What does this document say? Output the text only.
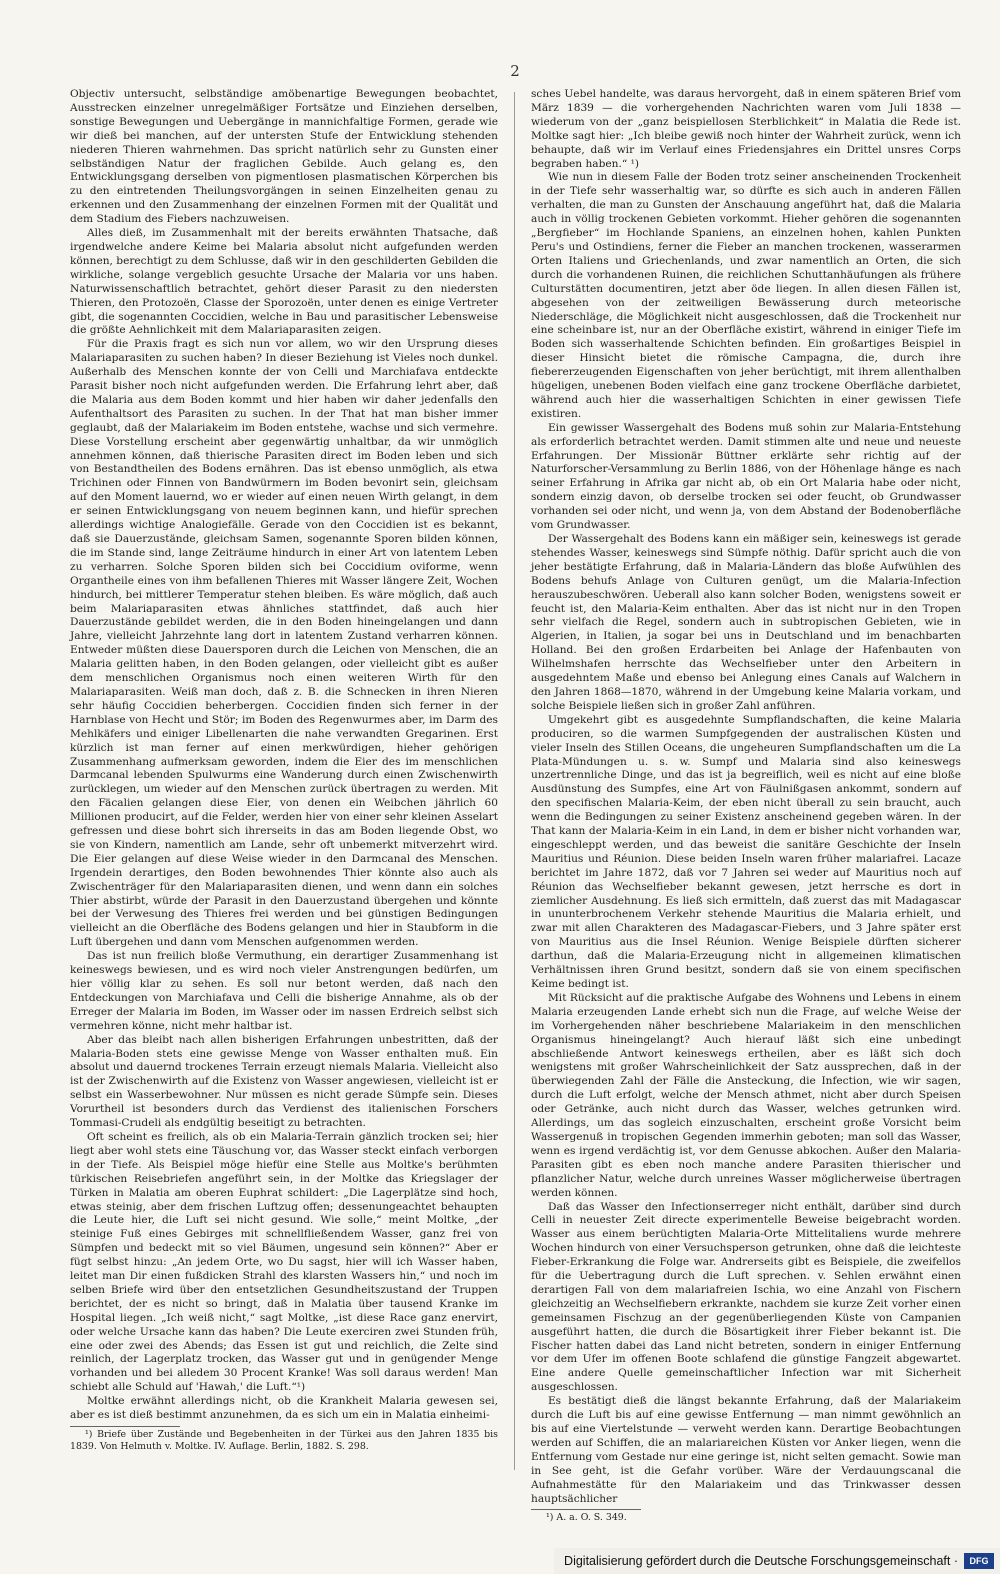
2

Objectiv untersucht, selbständige amöbenartige Bewegungen beobachtet, Ausstrecken einzelner unregelmäßiger Fortsätze und Einziehen derselben, sonstige Bewegungen und Uebergänge in mannichfaltige Formen, gerade wie wir dieß bei manchen, auf der untersten Stufe der Entwicklung stehenden niederen Thieren wahrnehmen. Das spricht natürlich sehr zu Gunsten einer selbständigen Natur der fraglichen Gebilde. Auch gelang es, den Entwicklungsgang derselben von pigmentlosen plasmatischen Körperchen bis zu den eintretenden Theilungsvorgängen in seinen Einzelheiten genau zu erkennen und den Zusammenhang der einzelnen Formen mit der Qualität und dem Stadium des Fiebers nachzuweisen.

Alles dieß, im Zusammenhalt mit der bereits erwähnten Thatsache, daß irgendwelche andere Keime bei Malaria absolut nicht aufgefunden werden können, berechtigt zu dem Schlusse, daß wir in den geschilderten Gebilden die wirkliche, solange vergeblich gesuchte Ursache der Malaria vor uns haben. Naturwissenschaftlich betrachtet, gehört dieser Parasit zu den niedersten Thieren, den Protozoën, Classe der Sporozoën, unter denen es einige Vertreter gibt, die sogenannten Coccidien, welche in Bau und parasitischer Lebensweise die größte Aehnlichkeit mit dem Malariaparasiten zeigen.

Für die Praxis fragt es sich nun vor allem, wo wir den Ursprung dieses Malariaparasiten zu suchen haben? In dieser Beziehung ist Vieles noch dunkel. Außerhalb des Menschen konnte der von Celli und Marchiafava entdeckte Parasit bisher noch nicht aufgefunden werden. Die Erfahrung lehrt aber, daß die Malaria aus dem Boden kommt und hier haben wir daher jedenfalls den Aufenthaltsort des Parasiten zu suchen. In der That hat man bisher immer geglaubt, daß der Malariakeim im Boden entstehe, wachse und sich vermehre. Diese Vorstellung erscheint aber gegenwärtig unhaltbar, da wir unmöglich annehmen können, daß thierische Parasiten direct im Boden leben und sich von Bestandtheilen des Bodens ernähren. Das ist ebenso unmöglich, als etwa Trichinen oder Finnen von Bandwürmern im Boden bevonirt sein, gleichsam auf den Moment lauernd, wo er wieder auf einen neuen Wirth gelangt, in dem er seinen Entwicklungsgang von neuem beginnen kann, und hiefür sprechen allerdings wichtige Analogiefälle. Gerade von den Coccidien ist es bekannt, daß sie Dauerzustände, gleichsam Samen, sogenannte Sporen bilden können, die im Stande sind, lange Zeiträume hindurch in einer Art von latentem Leben zu verharren. Solche Sporen bilden sich bei Coccidium oviforme, wenn Organtheile eines von ihm befallenen Thieres mit Wasser längere Zeit, Wochen hindurch, bei mittlerer Temperatur stehen bleiben. Es wäre möglich, daß auch beim Malariaparasiten etwas ähnliches stattfindet, daß auch hier Dauerzustände gebildet werden, die in den Boden hineingelangen und dann Jahre, vielleicht Jahrzehnte lang dort in latentem Zustand verharren können. Entweder müßten diese Dauersporen durch die Leichen von Menschen, die an Malaria gelitten haben, in den Boden gelangen, oder vielleicht gibt es außer dem menschlichen Organismus noch einen weiteren Wirth für den Malariaparasiten. Weiß man doch, daß z. B. die Schnecken in ihren Nieren sehr häufig Coccidien beherbergen. Coccidien finden sich ferner in der Harnblase von Hecht und Stör; im Boden des Regenwurmes aber, im Darm des Mehlkäfers und einiger Libellenarten die nahe verwandten Gregarinen. Erst kürzlich ist man ferner auf einen merkwürdigen, hieher gehörigen Zusammenhang aufmerksam geworden, indem die Eier des im menschlichen Darmcanal lebenden Spulwurms eine Wanderung durch einen Zwischenwirth zurücklegen, um wieder auf den Menschen zurück übertragen zu werden. Mit den Fäcalien gelangen diese Eier, von denen ein Weibchen jährlich 60 Millionen producirt, auf die Felder, werden hier von einer sehr kleinen Asselart gefressen und diese bohrt sich ihrerseits in das am Boden liegende Obst, wo sie von Kindern, namentlich am Lande, sehr oft unbemerkt mitverzehrt wird. Die Eier gelangen auf diese Weise wieder in den Darmcanal des Menschen. Irgendein derartiges, den Boden bewohnendes Thier könnte also auch als Zwischenträger für den Malariaparasiten dienen, und wenn dann ein solches Thier abstirbt, würde der Parasit in den Dauerzustand übergehen und könnte bei der Verwesung des Thieres frei werden und bei günstigen Bedingungen vielleicht an die Oberfläche des Bodens gelangen und hier in Staubform in die Luft übergehen und dann vom Menschen aufgenommen werden.

Das ist nun freilich bloße Vermuthung, ein derartiger Zusammenhang ist keineswegs bewiesen, und es wird noch vieler Anstrengungen bedürfen, um hier völlig klar zu sehen. Es soll nur betont werden, daß nach den Entdeckungen von Marchiafava und Celli die bisherige Annahme, als ob der Erreger der Malaria im Boden, im Wasser oder im nassen Erdreich selbst sich vermehren könne, nicht mehr haltbar ist.

Aber das bleibt nach allen bisherigen Erfahrungen unbestritten, daß der Malaria-Boden stets eine gewisse Menge von Wasser enthalten muß. Ein absolut und dauernd trockenes Terrain erzeugt niemals Malaria. Vielleicht also ist der Zwischenwirth auf die Existenz von Wasser angewiesen, vielleicht ist er selbst ein Wasserbewohner. Nur müssen es nicht gerade Sümpfe sein. Dieses Vorurtheil ist besonders durch das Verdienst des italienischen Forschers Tommasi-Crudeli als endgültig beseitigt zu betrachten.

Oft scheint es freilich, als ob ein Malaria-Terrain gänzlich trocken sei; hier liegt aber wohl stets eine Täuschung vor, das Wasser steckt einfach verborgen in der Tiefe. Als Beispiel möge hiefür eine Stelle aus Moltke's berühmten türkischen Reisebriefen angeführt sein, in der Moltke das Kriegslager der Türken in Malatia am oberen Euphrat schildert: „Die Lagerplätze sind hoch, etwas steinig, aber dem frischen Luftzug offen; dessenungeachtet behaupten die Leute hier, die Luft sei nicht gesund. Wie solle,“ meint Moltke, „der steinige Fuß eines Gebirges mit schnellfließendem Wasser, ganz frei von Sümpfen und bedeckt mit so viel Bäumen, ungesund sein können?“ Aber er fügt selbst hinzu: „An jedem Orte, wo Du sagst, hier will ich Wasser haben, leitet man Dir einen fußdicken Strahl des klarsten Wassers hin,“ und noch im selben Briefe wird über den entsetzlichen Gesundheitszustand der Truppen berichtet, der es nicht so bringt, daß in Malatia über tausend Kranke im Hospital liegen. „Ich weiß nicht,“ sagt Moltke, „ist diese Race ganz enervirt, oder welche Ursache kann das haben? Die Leute exerciren zwei Stunden früh, eine oder zwei des Abends; das Essen ist gut und reichlich, die Zelte sind reinlich, der Lagerplatz trocken, das Wasser gut und in genügender Menge vorhanden und bei alledem 30 Procent Kranke! Was soll daraus werden! Man schiebt alle Schuld auf 'Hawah,' die Luft.“¹)

Moltke erwähnt allerdings nicht, ob die Krankheit Malaria gewesen sei, aber es ist dieß bestimmt anzunehmen, da es sich um ein in Malatia einheimi-

¹) Briefe über Zustände und Begebenheiten in der Türkei aus den Jahren 1835 bis 1839. Von Helmuth v. Moltke. IV. Auflage. Berlin, 1882. S. 298.

sches Uebel handelte, was daraus hervorgeht, daß in einem späteren Brief vom März 1839 — die vorhergehenden Nachrichten waren vom Juli 1838 — wiederum von der „ganz beispiellosen Sterblichkeit“ in Malatia die Rede ist. Moltke sagt hier: „Ich bleibe gewiß noch hinter der Wahrheit zurück, wenn ich behaupte, daß wir im Verlauf eines Friedensjahres ein Drittel unsres Corps begraben haben.“ ¹)

Wie nun in diesem Falle der Boden trotz seiner anscheinenden Trockenheit in der Tiefe sehr wasserhaltig war, so dürfte es sich auch in anderen Fällen verhalten, die man zu Gunsten der Anschauung angeführt hat, daß die Malaria auch in völlig trockenen Gebieten vorkommt. Hieher gehören die sogenannten „Bergfieber“ im Hochlande Spaniens, an einzelnen hohen, kahlen Punkten Peru's und Ostindiens, ferner die Fieber an manchen trockenen, wasserarmen Orten Italiens und Griechenlands, und zwar namentlich an Orten, die sich durch die vorhandenen Ruinen, die reichlichen Schuttanhäufungen als frühere Culturstätten documentiren, jetzt aber öde liegen. In allen diesen Fällen ist, abgesehen von der zeitweiligen Bewässerung durch meteorische Niederschläge, die Möglichkeit nicht ausgeschlossen, daß die Trockenheit nur eine scheinbare ist, nur an der Oberfläche existirt, während in einiger Tiefe im Boden sich wasserhaltende Schichten befinden. Ein großartiges Beispiel in dieser Hinsicht bietet die römische Campagna, die, durch ihre fiebererzeugenden Eigenschaften von jeher berüchtigt, mit ihrem allenthalben hügeligen, unebenen Boden vielfach eine ganz trockene Oberfläche darbietet, während auch hier die wasserhaltigen Schichten in einer gewissen Tiefe existiren.

Ein gewisser Wassergehalt des Bodens muß sohin zur Malaria-Entstehung als erforderlich betrachtet werden. Damit stimmen alte und neue und neueste Erfahrungen. Der Missionär Büttner erklärte sehr richtig auf der Naturforscher-Versammlung zu Berlin 1886, von der Höhenlage hänge es nach seiner Erfahrung in Afrika gar nicht ab, ob ein Ort Malaria habe oder nicht, sondern einzig davon, ob derselbe trocken sei oder feucht, ob Grundwasser vorhanden sei oder nicht, und wenn ja, von dem Abstand der Bodenoberfläche vom Grundwasser.

Der Wassergehalt des Bodens kann ein mäßiger sein, keineswegs ist gerade stehendes Wasser, keineswegs sind Sümpfe nöthig. Dafür spricht auch die von jeher bestätigte Erfahrung, daß in Malaria-Ländern das bloße Aufwühlen des Bodens behufs Anlage von Culturen genügt, um die Malaria-Infection herauszubeschwören. Ueberall also kann solcher Boden, wenigstens soweit er feucht ist, den Malaria-Keim enthalten. Aber das ist nicht nur in den Tropen sehr vielfach die Regel, sondern auch in subtropischen Gebieten, wie in Algerien, in Italien, ja sogar bei uns in Deutschland und im benachbarten Holland. Bei den großen Erdarbeiten bei Anlage der Hafenbauten von Wilhelmshafen herrschte das Wechselfieber unter den Arbeitern in ausgedehntem Maße und ebenso bei Anlegung eines Canals auf Walchern in den Jahren 1868—1870, während in der Umgebung keine Malaria vorkam, und solche Beispiele ließen sich in großer Zahl anführen.

Umgekehrt gibt es ausgedehnte Sumpflandschaften, die keine Malaria produciren, so die warmen Sumpfgegenden der australischen Küsten und vieler Inseln des Stillen Oceans, die ungeheuren Sumpflandschaften um die La Plata-Mündungen u. s. w. Sumpf und Malaria sind also keineswegs unzertrennliche Dinge, und das ist ja begreiflich, weil es nicht auf eine bloße Ausdünstung des Sumpfes, eine Art von Fäulnißgasen ankommt, sondern auf den specifischen Malaria-Keim, der eben nicht überall zu sein braucht, auch wenn die Bedingungen zu seiner Existenz anscheinend gegeben wären. In der That kann der Malaria-Keim in ein Land, in dem er bisher nicht vorhanden war, eingeschleppt werden, und das beweist die sanitäre Geschichte der Inseln Mauritius und Réunion. Diese beiden Inseln waren früher malariafrei. Lacaze berichtet im Jahre 1872, daß vor 7 Jahren sei weder auf Mauritius noch auf Réunion das Wechselfieber bekannt gewesen, jetzt herrsche es dort in ziemlicher Ausdehnung. Es ließ sich ermitteln, daß zuerst das mit Madagascar in ununterbrochenem Verkehr stehende Mauritius die Malaria erhielt, und zwar mit allen Charakteren des Madagascar-Fiebers, und 3 Jahre später erst von Mauritius aus die Insel Réunion. Wenige Beispiele dürften sicherer darthun, daß die Malaria-Erzeugung nicht in allgemeinen klimatischen Verhältnissen ihren Grund besitzt, sondern daß sie von einem specifischen Keime bedingt ist.

Mit Rücksicht auf die praktische Aufgabe des Wohnens und Lebens in einem Malaria erzeugenden Lande erhebt sich nun die Frage, auf welche Weise der im Vorhergehenden näher beschriebene Malariakeim in den menschlichen Organismus hineingelangt? Auch hierauf läßt sich eine unbedingt abschließende Antwort keineswegs ertheilen, aber es läßt sich doch wenigstens mit großer Wahrscheinlichkeit der Satz aussprechen, daß in der überwiegenden Zahl der Fälle die Ansteckung, die Infection, wie wir sagen, durch die Luft erfolgt, welche der Mensch athmet, nicht aber durch Speisen oder Getränke, auch nicht durch das Wasser, welches getrunken wird. Allerdings, um das sogleich einzuschalten, erscheint große Vorsicht beim Wassergenuß in tropischen Gegenden immerhin geboten; man soll das Wasser, wenn es irgend verdächtig ist, vor dem Genusse abkochen. Außer den Malaria-Parasiten gibt es eben noch manche andere Parasiten thierischer und pflanzlicher Natur, welche durch unreines Wasser möglicherweise übertragen werden können.

Daß das Wasser den Infectionserreger nicht enthält, darüber sind durch Celli in neuester Zeit directe experimentelle Beweise beigebracht worden. Wasser aus einem berüchtigten Malaria-Orte Mittelitaliens wurde mehrere Wochen hindurch von einer Versuchsperson getrunken, ohne daß die leichteste Fieber-Erkrankung die Folge war. Andrerseits gibt es Beispiele, die zweifellos für die Uebertragung durch die Luft sprechen. v. Sehlen erwähnt einen derartigen Fall von dem malariafreien Ischia, wo eine Anzahl von Fischern gleichzeitig an Wechselfiebern erkrankte, nachdem sie kurze Zeit vorher einen gemeinsamen Fischzug an der gegenüberliegenden Küste von Campanien ausgeführt hatten, die durch die Bösartigkeit ihrer Fieber bekannt ist. Die Fischer hatten dabei das Land nicht betreten, sondern in einiger Entfernung vor dem Ufer im offenen Boote schlafend die günstige Fangzeit abgewartet. Eine andere Quelle gemeinschaftlicher Infection war mit Sicherheit ausgeschlossen.

Es bestätigt dieß die längst bekannte Erfahrung, daß der Malariakeim durch die Luft bis auf eine gewisse Entfernung — man nimmt gewöhnlich an bis auf eine Viertelstunde — verweht werden kann. Derartige Beobachtungen werden auf Schiffen, die an malariareichen Küsten vor Anker liegen, wenn die Entfernung vom Gestade nur eine geringe ist, nicht selten gemacht. Sowie man in See geht, ist die Gefahr vorüber. Wäre der Verdauungscanal die Aufnahmestätte für den Malariakeim und das Trinkwasser dessen hauptsächlicher

¹) A. a. O. S. 349.

Digitalisierung gefördert durch die Deutsche Forschungsgemeinschaft ·	DFG
